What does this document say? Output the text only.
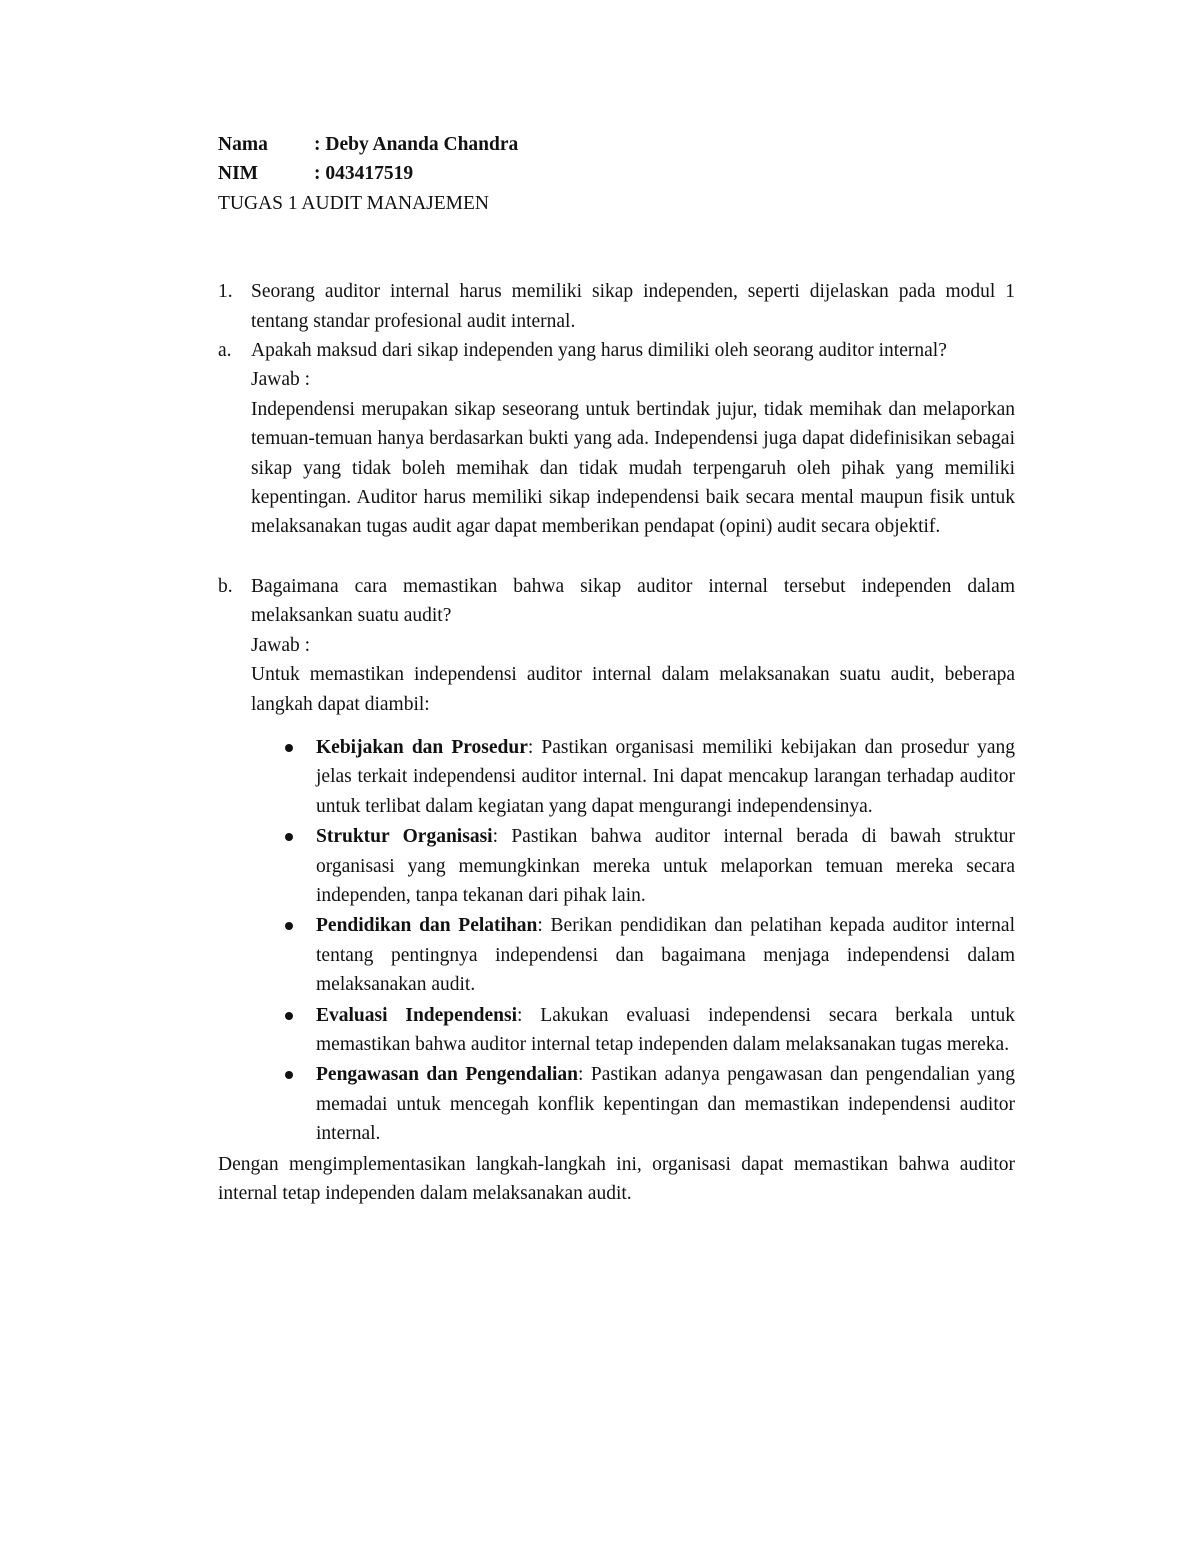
Nama	: Deby Ananda Chandra
NIM	: 043417519
TUGAS 1 AUDIT MANAJEMEN
1. Seorang auditor internal harus memiliki sikap independen, seperti dijelaskan pada modul 1 tentang standar profesional audit internal.
a. Apakah maksud dari sikap independen yang harus dimiliki oleh seorang auditor internal?
Jawab :
Independensi merupakan sikap seseorang untuk bertindak jujur, tidak memihak dan melaporkan temuan-temuan hanya berdasarkan bukti yang ada. Independensi juga dapat didefinisikan sebagai sikap yang tidak boleh memihak dan tidak mudah terpengaruh oleh pihak yang memiliki kepentingan. Auditor harus memiliki sikap independensi baik secara mental maupun fisik untuk melaksanakan tugas audit agar dapat memberikan pendapat (opini) audit secara objektif.
b. Bagaimana cara memastikan bahwa sikap auditor internal tersebut independen dalam melaksankan suatu audit?
Jawab :
Untuk memastikan independensi auditor internal dalam melaksanakan suatu audit, beberapa langkah dapat diambil:
Kebijakan dan Prosedur: Pastikan organisasi memiliki kebijakan dan prosedur yang jelas terkait independensi auditor internal. Ini dapat mencakup larangan terhadap auditor untuk terlibat dalam kegiatan yang dapat mengurangi independensinya.
Struktur Organisasi: Pastikan bahwa auditor internal berada di bawah struktur organisasi yang memungkinkan mereka untuk melaporkan temuan mereka secara independen, tanpa tekanan dari pihak lain.
Pendidikan dan Pelatihan: Berikan pendidikan dan pelatihan kepada auditor internal tentang pentingnya independensi dan bagaimana menjaga independensi dalam melaksanakan audit.
Evaluasi Independensi: Lakukan evaluasi independensi secara berkala untuk memastikan bahwa auditor internal tetap independen dalam melaksanakan tugas mereka.
Pengawasan dan Pengendalian: Pastikan adanya pengawasan dan pengendalian yang memadai untuk mencegah konflik kepentingan dan memastikan independensi auditor internal.
Dengan mengimplementasikan langkah-langkah ini, organisasi dapat memastikan bahwa auditor internal tetap independen dalam melaksanakan audit.
